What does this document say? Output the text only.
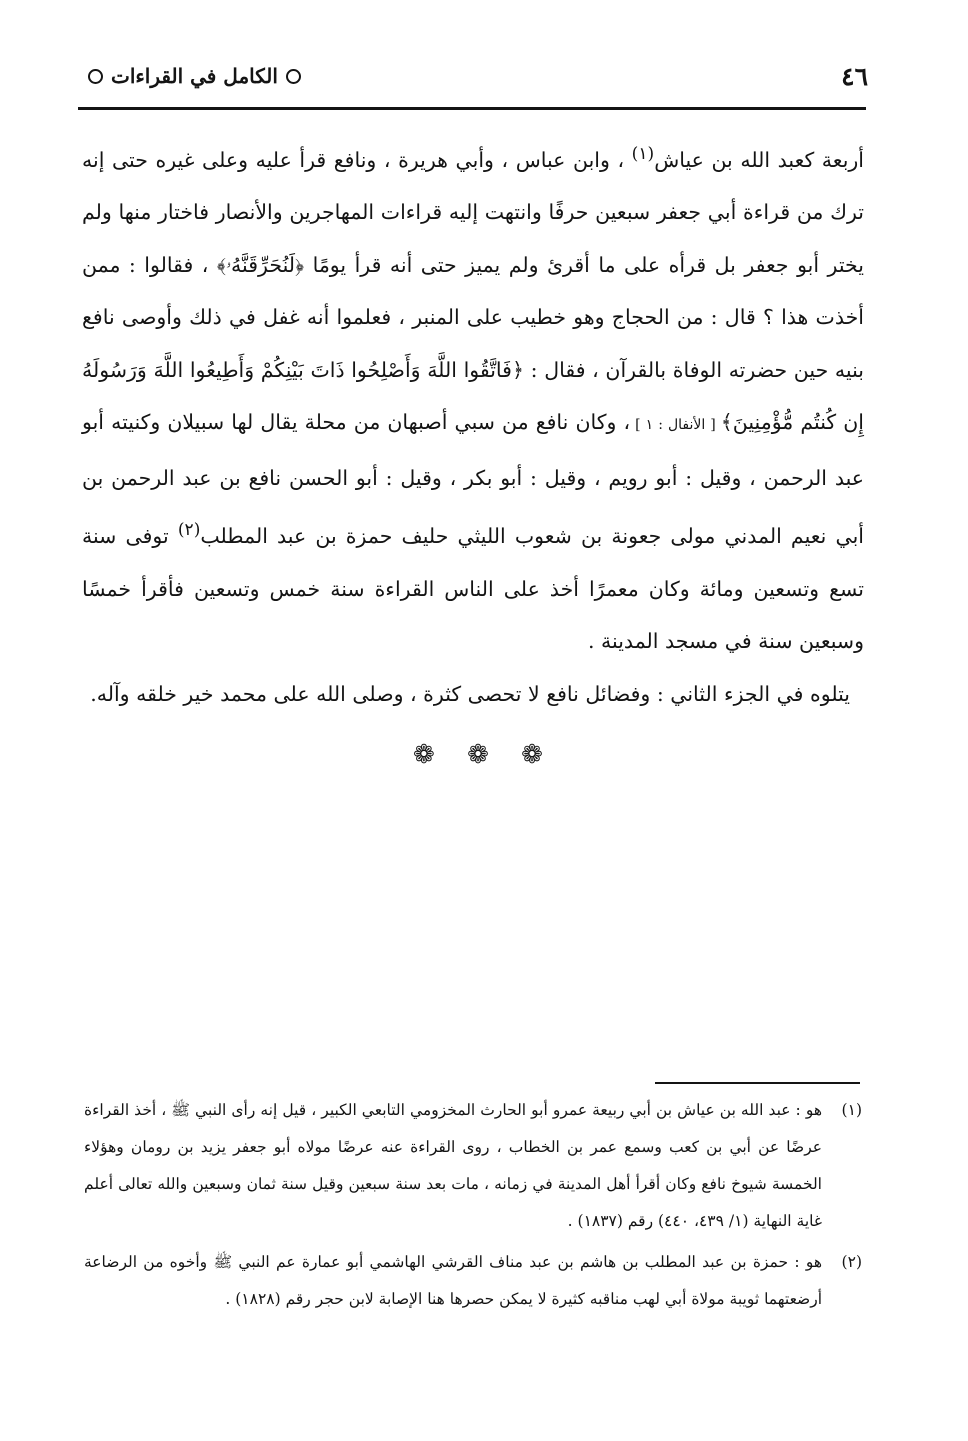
٤٦
الكامل في القراءات

أربعة كعبد الله بن عياش$^{(١)}$ ، وابن عباس ، وأبي هريرة ، ونافع قرأ عليه وعلى غيره حتى إنه ترك من قراءة أبي جعفر سبعين حرفًا وانتهت إليه قراءات المهاجرين والأنصار فاختار منها ولم يختر أبو جعفر بل قرأه على ما أقرئ ولم يميز حتى أنه قرأ يومًا ﴿لَنُحَرِّقَنَّهُۥ﴾ ، فقالوا : ممن أخذت هذا ؟ قال : من الحجاج وهو خطيب على المنبر ، فعلموا أنه غفل في ذلك وأوصى نافع بنيه حين حضرته الوفاة بالقرآن ، فقال : ﴿فَاتَّقُوا اللَّهَ وَأَصْلِحُوا ذَاتَ بَيْنِكُمْ وَأَطِيعُوا اللَّهَ وَرَسُولَهُ إِن كُنتُم مُّؤْمِنِينَ﴾ [ الأنفال : ١ ] ، وكان نافع من سبي أصبهان من محلة يقال لها سبيلان وكنيته أبو عبد الرحمن ، وقيل : أبو رويم ، وقيل : أبو بكر ، وقيل : أبو الحسن نافع بن عبد الرحمن بن أبي نعيم المدني مولى جعونة بن شعوب الليثي حليف حمزة بن عبد المطلب$^{(٢)}$ توفى سنة تسع وتسعين ومائة وكان معمرًا أخذ على الناس القراءة سنة خمس وتسعين فأقرأ خمسًا وسبعين سنة في مسجد المدينة .

يتلوه في الجزء الثاني : وفضائل نافع لا تحصى كثرة ، وصلى الله على محمد خير خلقه وآله.

❁ ❁ ❁

(١)
هو : عبد الله بن عياش بن أبي ربيعة عمرو أبو الحارث المخزومي التابعي الكبير ، قيل إنه رأى النبي ﷺ ، أخذ القراءة عرضًا عن أبي بن كعب وسمع عمر بن الخطاب ، روى القراءة عنه عرضًا مولاه أبو جعفر يزيد بن رومان وهؤلاء الخمسة شيوخ نافع وكان أقرأ أهل المدينة في زمانه ، مات بعد سنة سبعين وقيل سنة ثمان وسبعين والله تعالى أعلم غاية النهاية (١/ ٤٣٩، ٤٤٠) رقم (١٨٣٧) .

(٢)
هو : حمزة بن عبد المطلب بن هاشم بن عبد مناف القرشي الهاشمي أبو عمارة عم النبي ﷺ وأخوه من الرضاعة أرضعتهما ثويبة مولاة أبي لهب مناقبه كثيرة لا يمكن حصرها هنا الإصابة لابن حجر رقم (١٨٢٨) .
